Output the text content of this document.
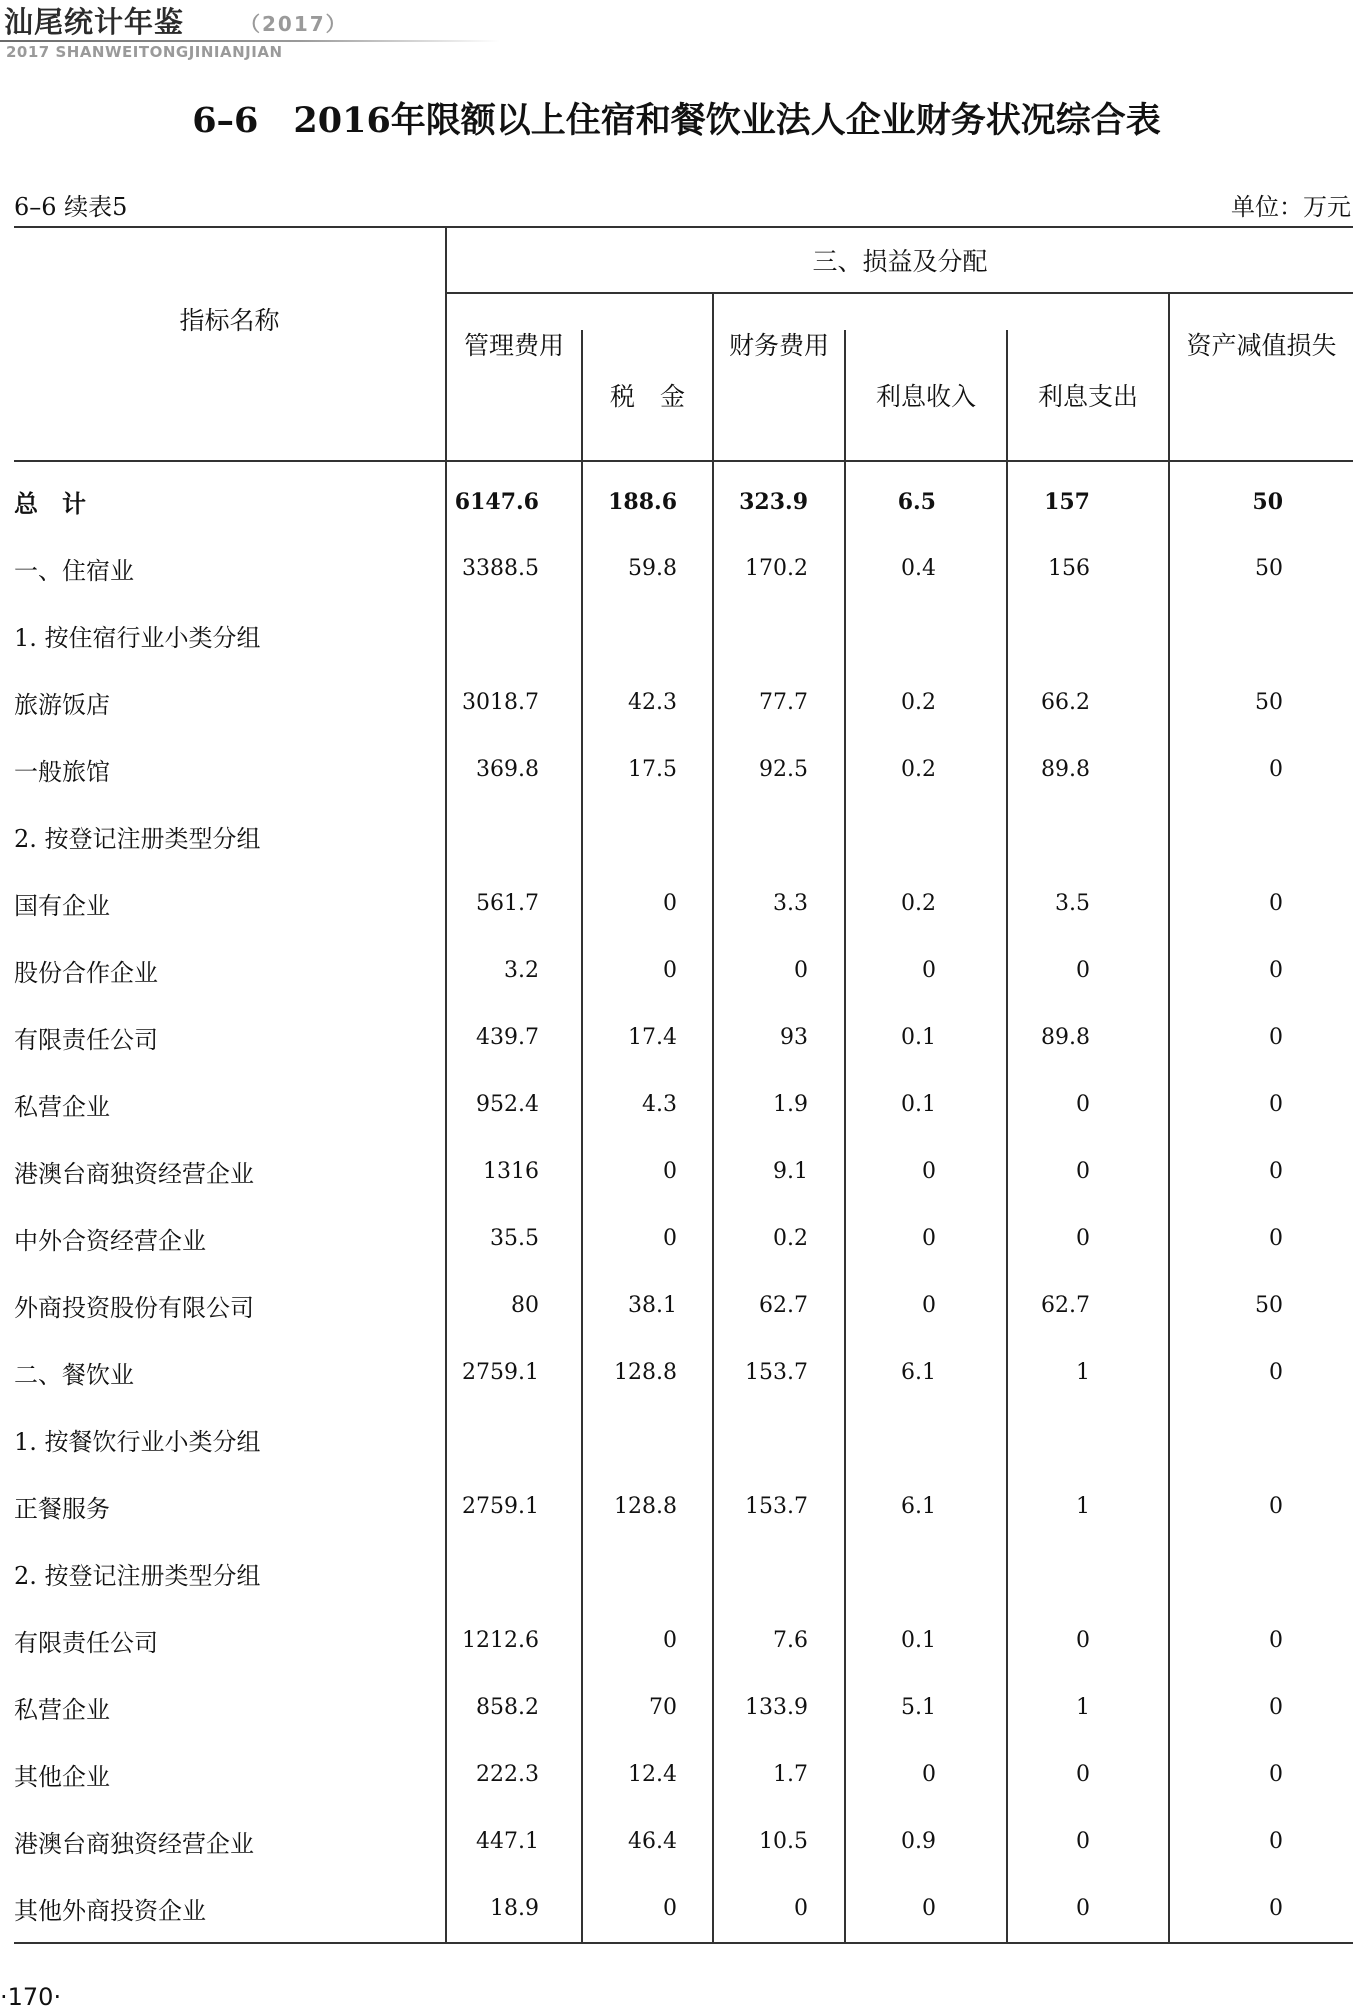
汕尾统计年鉴	（2017）
2017 SHANWEITONGJINIANJIAN
6–6　2016年限额以上住宿和餐饮业法人企业财务状况综合表
6–6 续表5	单位：万元
指标名称	三、损益及分配					
	管理费用		财务费用			资产减值损失
		税　金		利息收入	利息支出	
总　计	6147.6	188.6	323.9	6.5	157	50
一、住宿业	3388.5	59.8	170.2	0.4	156	50
1. 按住宿行业小类分组						
旅游饭店	3018.7	42.3	77.7	0.2	66.2	50
一般旅馆	369.8	17.5	92.5	0.2	89.8	0
2. 按登记注册类型分组						
国有企业	561.7	0	3.3	0.2	3.5	0
股份合作企业	3.2	0	0	0	0	0
有限责任公司	439.7	17.4	93	0.1	89.8	0
私营企业	952.4	4.3	1.9	0.1	0	0
港澳台商独资经营企业	1316	0	9.1	0	0	0
中外合资经营企业	35.5	0	0.2	0	0	0
外商投资股份有限公司	80	38.1	62.7	0	62.7	50
二、餐饮业	2759.1	128.8	153.7	6.1	1	0
1. 按餐饮行业小类分组						
正餐服务	2759.1	128.8	153.7	6.1	1	0
2. 按登记注册类型分组						
有限责任公司	1212.6	0	7.6	0.1	0	0
私营企业	858.2	70	133.9	5.1	1	0
其他企业	222.3	12.4	1.7	0	0	0
港澳台商独资经营企业	447.1	46.4	10.5	0.9	0	0
其他外商投资企业	18.9	0	0	0	0	0
·170·
